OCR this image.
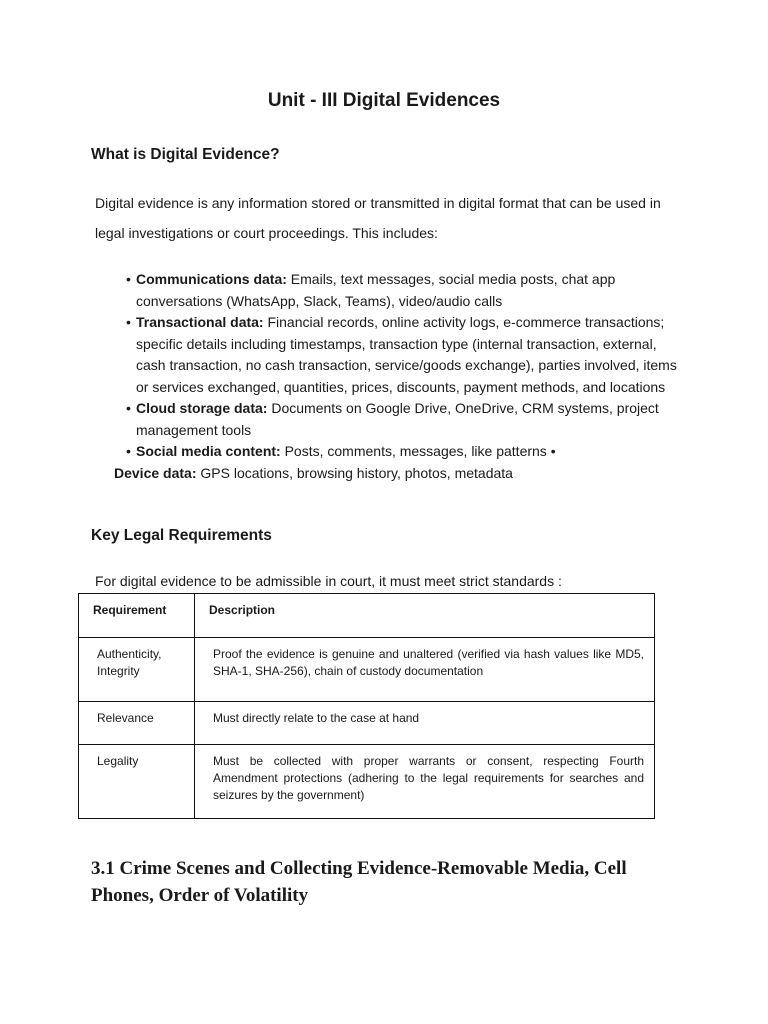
Unit - III Digital Evidences
What is Digital Evidence?

Digital evidence is any information stored or transmitted in digital format that can be used in legal investigations or court proceedings. This includes:

• Communications data: Emails, text messages, social media posts, chat app conversations (WhatsApp, Slack, Teams), video/audio calls
• Transactional data: Financial records, online activity logs, e-commerce transactions; specific details including timestamps, transaction type (internal transaction, external, cash transaction, no cash transaction, service/goods exchange), parties involved, items or services exchanged, quantities, prices, discounts, payment methods, and locations
• Cloud storage data: Documents on Google Drive, OneDrive, CRM systems, project management tools
• Social media content: Posts, comments, messages, like patterns •
Device data: GPS locations, browsing history, photos, metadata
Key Legal Requirements

For digital evidence to be admissible in court, it must meet strict standards :

Requirement	Description
Authenticity, Integrity	Proof the evidence is genuine and unaltered (verified via hash values like MD5, SHA-1, SHA-256), chain of custody documentation
Relevance	Must directly relate to the case at hand
Legality	Must be collected with proper warrants or consent, respecting Fourth Amendment protections (adhering to the legal requirements for searches and seizures by the government)
3.1 Crime Scenes and Collecting Evidence-Removable Media, Cell Phones, Order of Volatility
